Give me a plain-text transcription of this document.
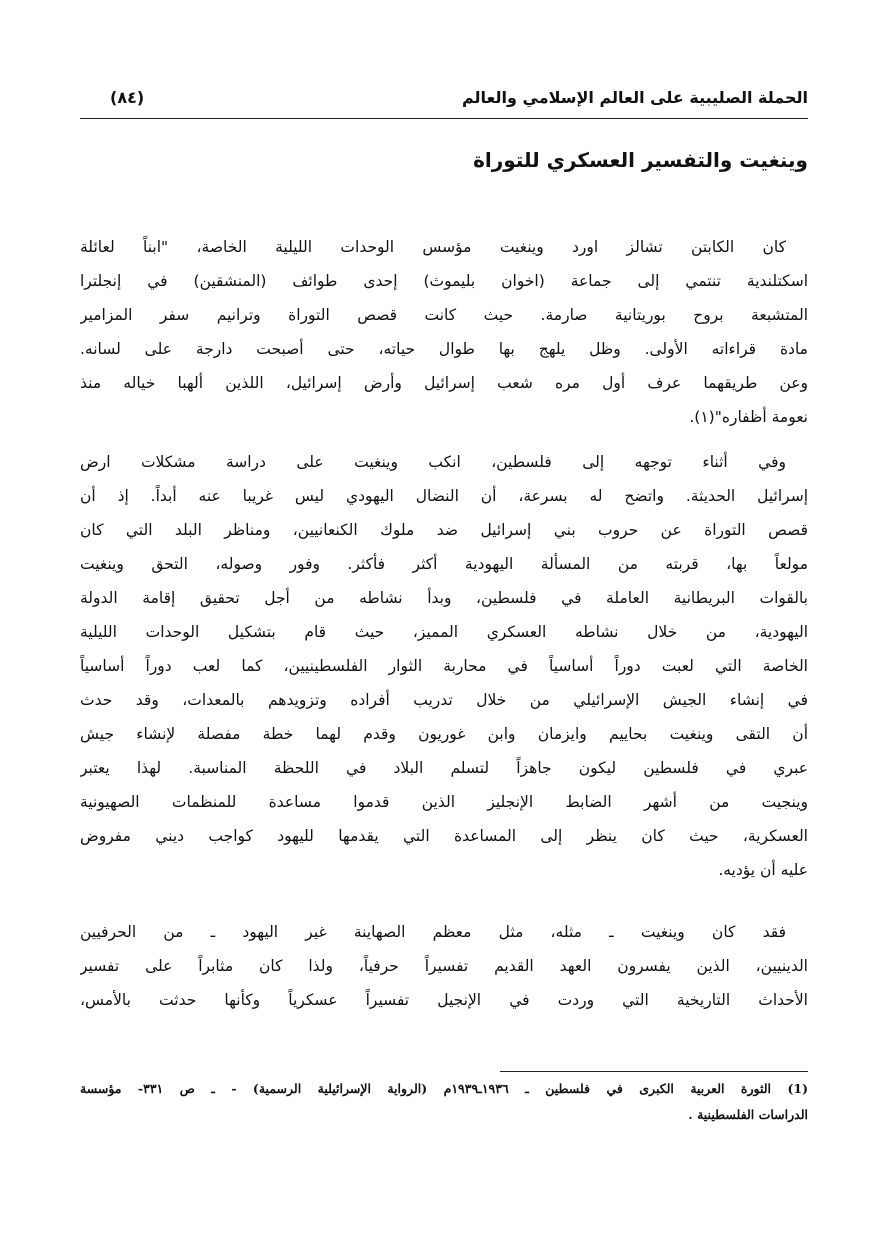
الحملة الصليبية على العالم الإسلامي والعالم
(٨٤)
وينغيت والتفسير العسكري للتوراة
كان الكابتن تشالز اورد وينغيت مؤسس الوحدات الليلية الخاصة، "ابناً لعائلة
اسكتلندية تنتمي إلى جماعة (اخوان بليموث) إحدى طوائف (المنشقين) في إنجلترا
المتشبعة بروح بوريتانية صارمة. حيث كانت قصص التوراة وترانيم سفر المزامير
مادة قراءاته الأولى. وظل يلهج بها طوال حياته، حتى أصبحت دارجة على لسانه.
وعن طريقهما عرف أول مره شعب إسرائيل وأرض إسرائيل، اللذين ألهبا خياله منذ
نعومة أظفاره"(١).
وفي أثناء توجهه إلى فلسطين، انكب وينغيت على دراسة مشكلات ارض
إسرائيل الحديثة. واتضح له بسرعة، أن النضال اليهودي ليس غريبا عنه أبداً. إذ أن
قصص التوراة عن حروب بني إسرائيل ضد ملوك الكنعانيين، ومناظر البلد التي كان
مولعاً بها، قربته من المسألة اليهودية أكثر فأكثر. وفور وصوله، التحق وينغيت
بالقوات البريطانية العاملة في فلسطين، وبدأ نشاطه من أجل تحقيق إقامة الدولة
اليهودية، من خلال نشاطه العسكري المميز، حيث قام بتشكيل الوحدات الليلية
الخاصة التي لعبت دوراً أساسياً في محاربة الثوار الفلسطينيين، كما لعب دوراً أساسياً
في إنشاء الجيش الإسرائيلي من خلال تدريب أفراده وتزويدهم بالمعدات، وقد حدث
أن التقى وينغيت بحاييم وايزمان وابن غوريون وقدم لهما خطة مفصلة لإنشاء جيش
عبري في فلسطين ليكون جاهزاً لتسلم البلاد في اللحظة المناسبة. لهذا يعتبر
وينجيت من أشهر الضابط الإنجليز الذين قدموا مساعدة للمنظمات الصهيونية
العسكرية، حيث كان ينظر إلى المساعدة التي يقدمها لليهود كواجب ديني مفروض
عليه أن يؤديه.
فقد كان وينغيت ـ مثله، مثل معظم الصهاينة غير اليهود ـ من الحرفيين
الدينيين، الذين يفسرون العهد القديم تفسيراً حرفياً، ولذا كان مثابراً على تفسير
الأحداث التاريخية التي وردت في الإنجيل تفسيراً عسكرياً وكأنها حدثت بالأمس،
(1) الثورة العربية الكبرى في فلسطين ـ ١٩٣٦ـ١٩٣٩م (الرواية الإسرائيلية الرسمية) - ـ ص ٣٣١- مؤسسة
الدراسات الفلسطينية .
